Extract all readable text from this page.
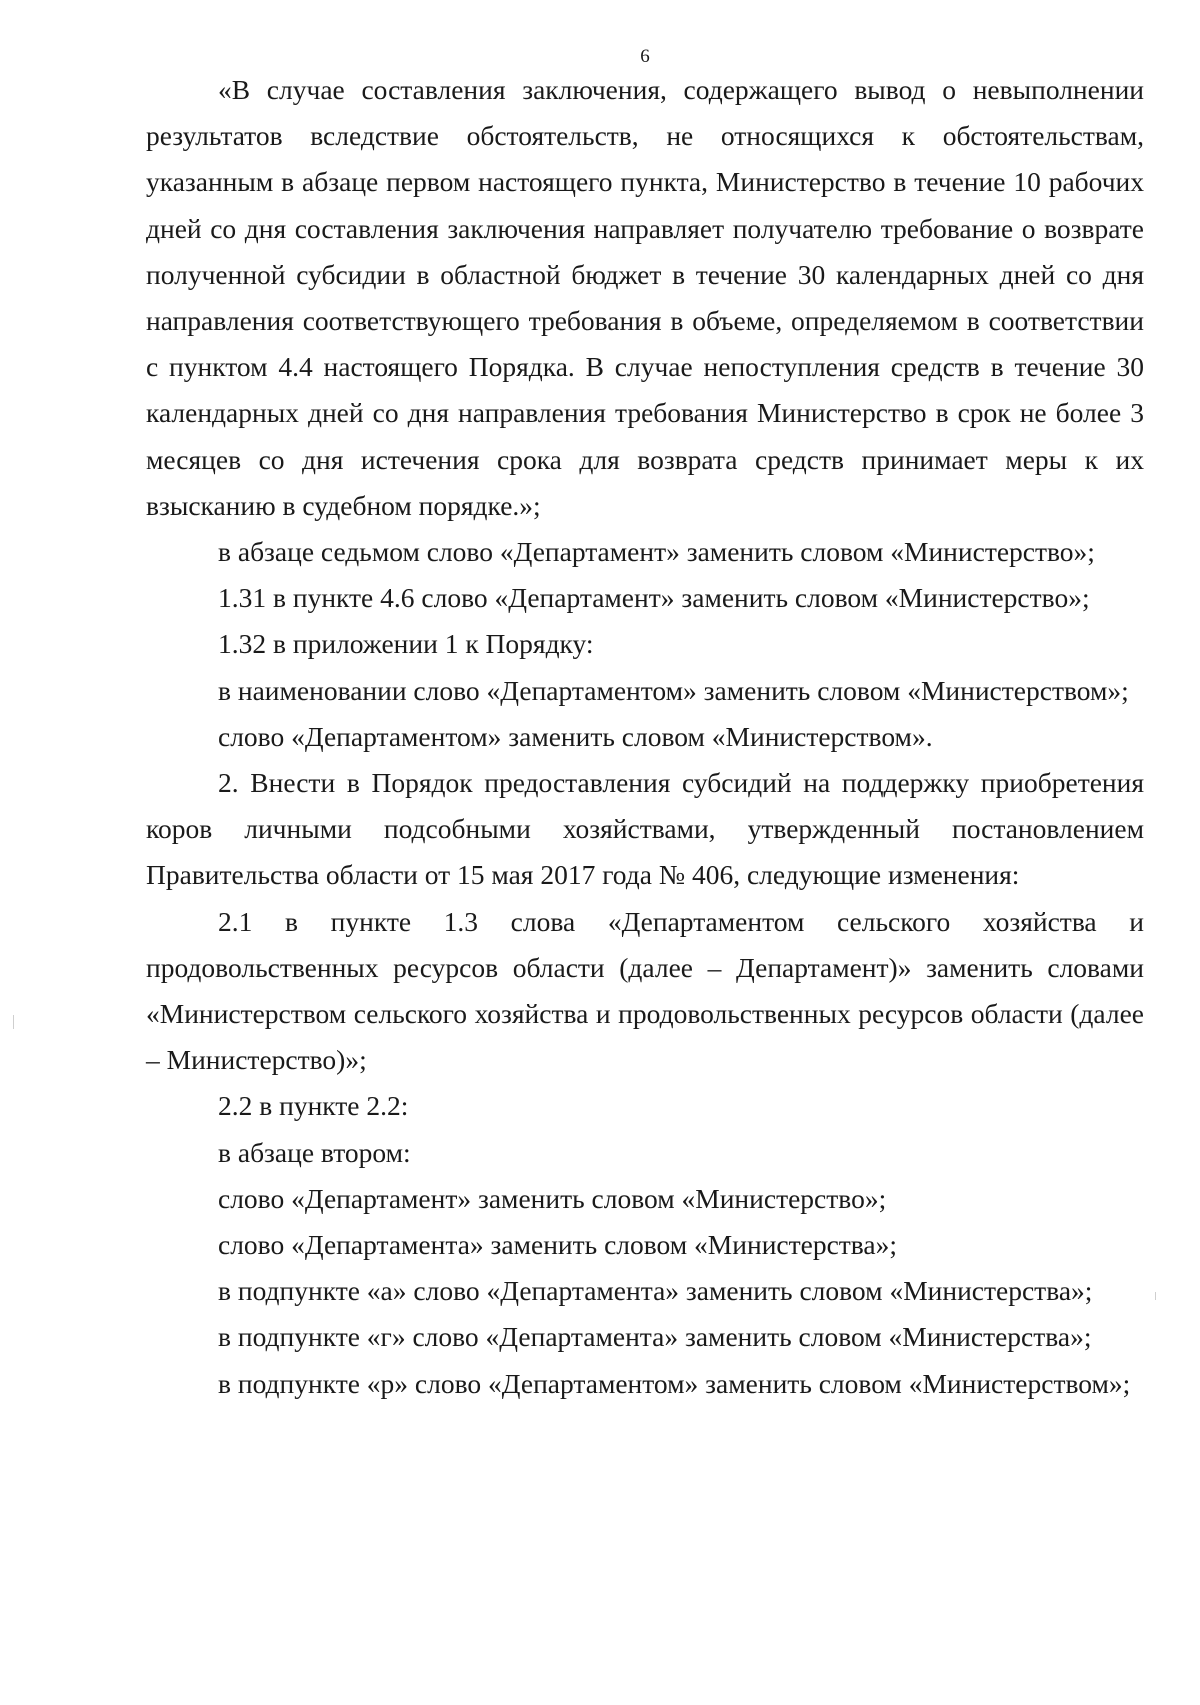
6

«В случае составления заключения, содержащего вывод о невыполнении результатов вследствие обстоятельств, не относящихся к обстоятельствам, указанным в абзаце первом настоящего пункта, Министерство в течение 10 рабочих дней со дня составления заключения направляет получателю требование о возврате полученной субсидии в областной бюджет в течение 30 календарных дней со дня направления соответствующего требования в объеме, определяемом в соответствии с пунктом 4.4 настоящего Порядка. В случае непоступления средств в течение 30 календарных дней со дня направления требования Министерство в срок не более 3 месяцев со дня истечения срока для возврата средств принимает меры к их взысканию в судебном порядке.»;

в абзаце седьмом слово «Департамент» заменить словом «Министерство»;

1.31 в пункте 4.6 слово «Департамент» заменить словом «Министерство»;

1.32 в приложении 1 к Порядку:

в наименовании слово «Департаментом» заменить словом «Министерством»;

слово «Департаментом» заменить словом «Министерством».

2. Внести в Порядок предоставления субсидий на поддержку приобретения коров личными подсобными хозяйствами, утвержденный постановлением Правительства области от 15 мая 2017 года № 406, следующие изменения:

2.1 в пункте 1.3 слова «Департаментом сельского хозяйства и продовольственных ресурсов области (далее – Департамент)» заменить словами «Министерством сельского хозяйства и продовольственных ресурсов области (далее – Министерство)»;

2.2 в пункте 2.2:

в абзаце втором:

слово «Департамент» заменить словом «Министерство»;

слово «Департамента» заменить словом «Министерства»;

в подпункте «а» слово «Департамента» заменить словом «Министерства»;

в подпункте «г» слово «Департамента» заменить словом «Министерства»;

в подпункте «р» слово «Департаментом» заменить словом «Министерством»;
